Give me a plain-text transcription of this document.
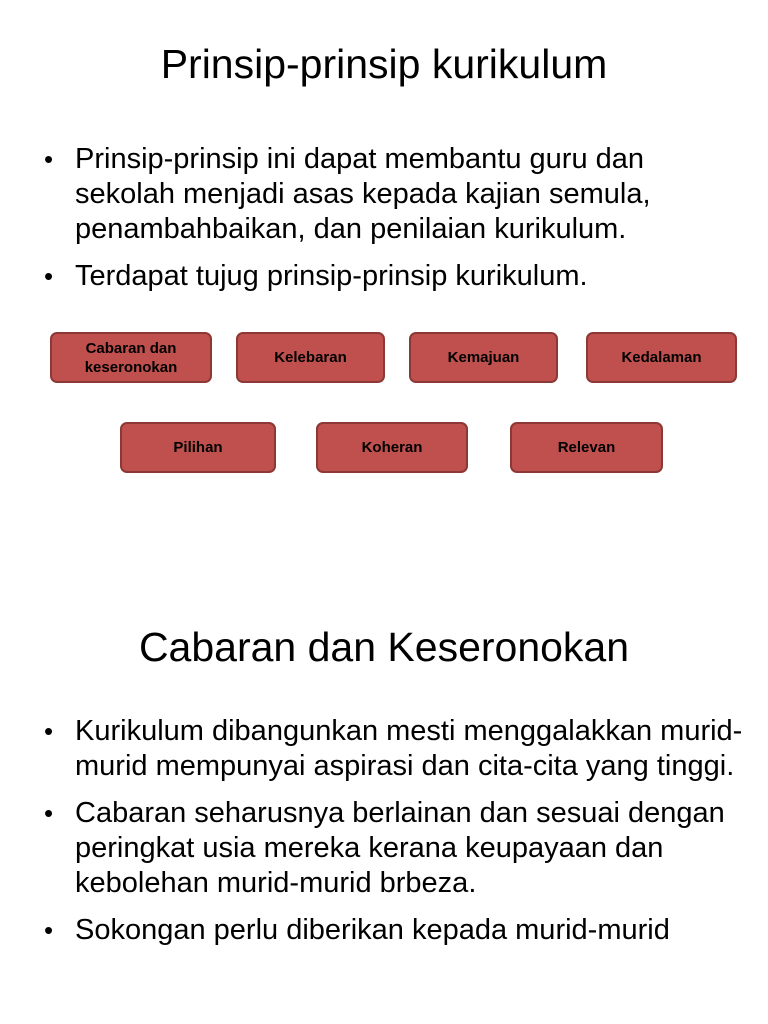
Prinsip-prinsip kurikulum
• Prinsip-prinsip ini dapat membantu guru dan sekolah menjadi asas kepada kajian semula, penambahbaikan, dan penilaian kurikulum.
• Terdapat tujug prinsip-prinsip kurikulum.
Cabaran dan keseronokan
Kelebaran	Kemajuan	Kedalaman
Pilihan	Koheran	Relevan
Cabaran dan Keseronokan
• Kurikulum dibangunkan mesti menggalakkan murid-murid mempunyai aspirasi dan cita-cita yang tinggi.
• Cabaran seharusnya berlainan dan sesuai dengan peringkat usia mereka kerana keupayaan dan kebolehan murid-murid brbeza.
• Sokongan perlu diberikan kepada murid-murid
